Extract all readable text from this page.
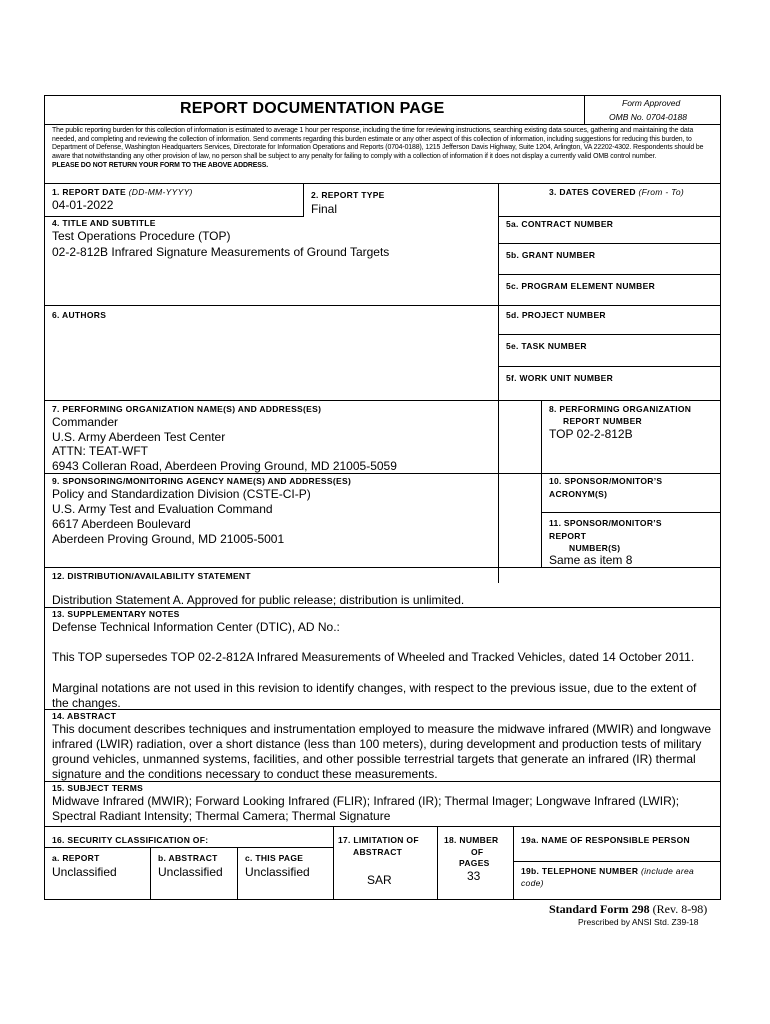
REPORT DOCUMENTATION PAGE	Form Approved
OMB No. 0704-0188
The public reporting burden for this collection of information is estimated to average 1 hour per response, including the time for reviewing instructions, searching existing data sources, gathering and maintaining the data needed, and completing and reviewing the collection of information. Send comments regarding this burden estimate or any other aspect of this collection of information, including suggestions for reducing this burden, to Department of Defense, Washington Headquarters Services, Directorate for Information Operations and Reports (0704-0188), 1215 Jefferson Davis Highway, Suite 1204, Arlington, VA 22202-4302. Respondents should be aware that notwithstanding any other provision of law, no person shall be subject to any penalty for failing to comply with a collection of information if it does not display a currently valid OMB control number.
PLEASE DO NOT RETURN YOUR FORM TO THE ABOVE ADDRESS.
1. REPORT DATE (DD-MM-YYYY)
04-01-2022
2. REPORT TYPE
Final
3. DATES COVERED (From - To)
4. TITLE AND SUBTITLE
Test Operations Procedure (TOP)
02-2-812B Infrared Signature Measurements of Ground Targets
5a. CONTRACT NUMBER
5b. GRANT NUMBER
5c. PROGRAM ELEMENT NUMBER
6. AUTHORS	5d. PROJECT NUMBER
5e. TASK NUMBER
5f. WORK UNIT NUMBER
7. PERFORMING ORGANIZATION NAME(S) AND ADDRESS(ES)
Commander
U.S. Army Aberdeen Test Center
ATTN: TEAT-WFT
6943 Colleran Road, Aberdeen Proving Ground, MD 21005-5059
8. PERFORMING ORGANIZATION
REPORT NUMBER
TOP 02-2-812B
9. SPONSORING/MONITORING AGENCY NAME(S) AND ADDRESS(ES)
Policy and Standardization Division (CSTE-CI-P)
U.S. Army Test and Evaluation Command
6617 Aberdeen Boulevard
Aberdeen Proving Ground, MD 21005-5001
10. SPONSOR/MONITOR’S
ACRONYM(S)
11. SPONSOR/MONITOR’S
REPORT
NUMBER(S)
Same as item 8
12. DISTRIBUTION/AVAILABILITY STATEMENT
Distribution Statement A. Approved for public release; distribution is unlimited.
13. SUPPLEMENTARY NOTES
Defense Technical Information Center (DTIC), AD No.:
This TOP supersedes TOP 02-2-812A Infrared Measurements of Wheeled and Tracked Vehicles, dated 14 October 2011.
Marginal notations are not used in this revision to identify changes, with respect to the previous issue, due to the extent of the changes.
14. ABSTRACT
This document describes techniques and instrumentation employed to measure the midwave infrared (MWIR) and longwave infrared (LWIR) radiation, over a short distance (less than 100 meters), during development and production tests of military ground vehicles, unmanned systems, facilities, and other possible terrestrial targets that generate an infrared (IR) thermal signature and the conditions necessary to conduct these measurements.
15. SUBJECT TERMS
Midwave Infrared (MWIR); Forward Looking Infrared (FLIR); Infrared (IR); Thermal Imager; Longwave Infrared (LWIR); Spectral Radiant Intensity; Thermal Camera; Thermal Signature
16. SECURITY CLASSIFICATION OF:
a. REPORT
Unclassified
b. ABSTRACT
Unclassified
c. THIS PAGE
Unclassified
17. LIMITATION OF
ABSTRACT
SAR
18. NUMBER
OF
PAGES
33
19a. NAME OF RESPONSIBLE PERSON
19b. TELEPHONE NUMBER (include area
code)
Standard Form 298 (Rev. 8-98)
Prescribed by ANSI Std. Z39-18
